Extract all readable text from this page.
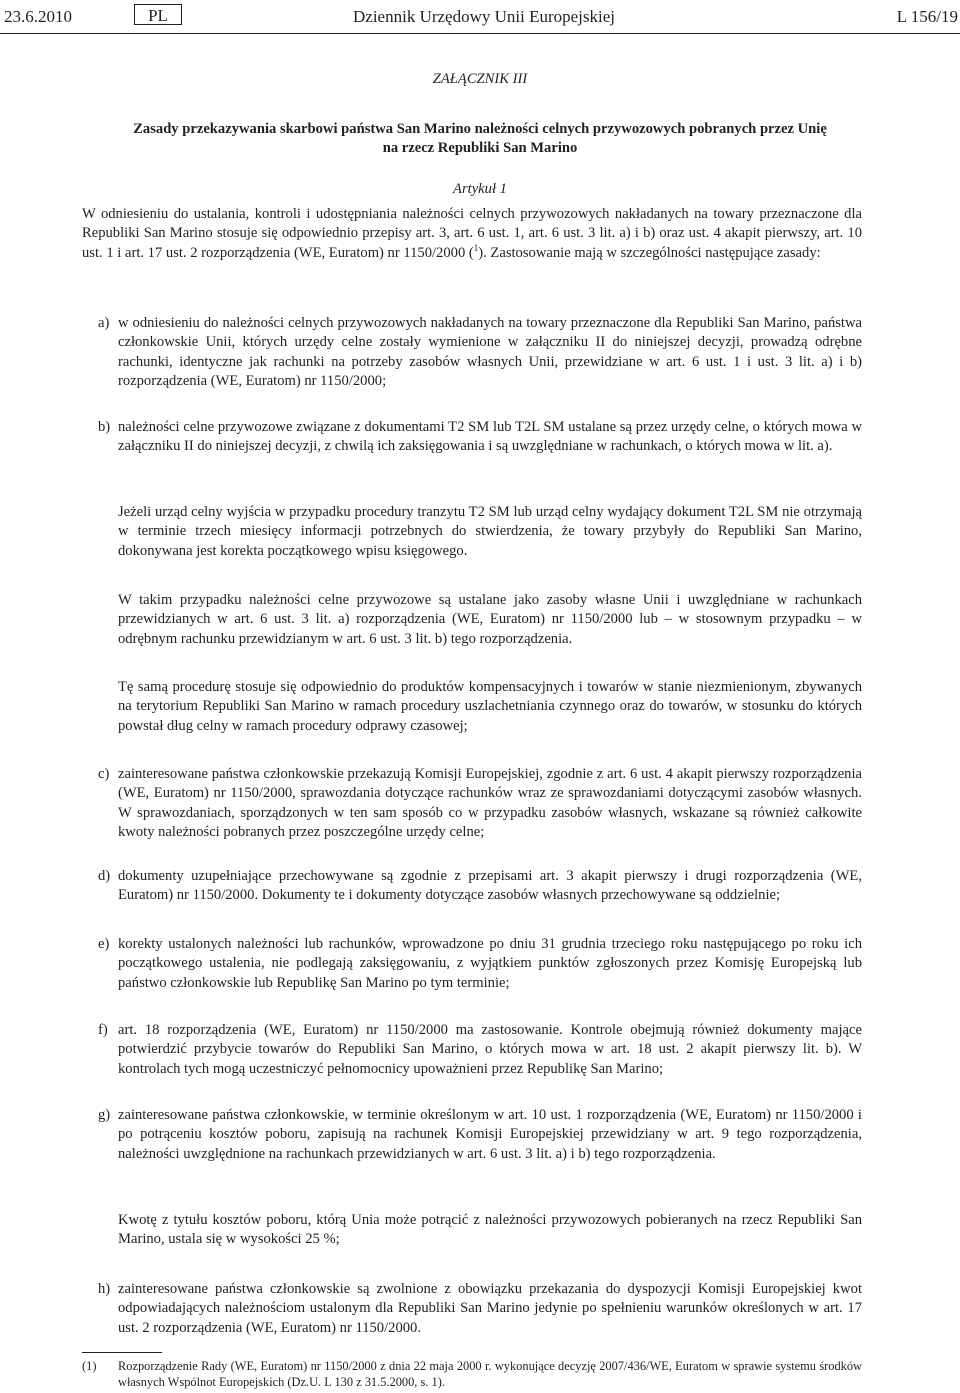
23.6.2010	PL	Dziennik Urzędowy Unii Europejskiej	L 156/19
ZAŁĄCZNIK III
Zasady przekazywania skarbowi państwa San Marino należności celnych przywozowych pobranych przez Unię
na rzecz Republiki San Marino
Artykuł 1

W odniesieniu do ustalania, kontroli i udostępniania należności celnych przywozowych nakładanych na towary przeznaczone dla Republiki San Marino stosuje się odpowiednio przepisy art. 3, art. 6 ust. 1, art. 6 ust. 3 lit. a) i b) oraz ust. 4 akapit pierwszy, art. 10 ust. 1 i art. 17 ust. 2 rozporządzenia (WE, Euratom) nr 1150/2000 ($^1$). Zastosowanie mają w szczególności następujące zasady:

a) w odniesieniu do należności celnych przywozowych nakładanych na towary przeznaczone dla Republiki San Marino, państwa członkowskie Unii, których urzędy celne zostały wymienione w załączniku II do niniejszej decyzji, prowadzą odrębne rachunki, identyczne jak rachunki na potrzeby zasobów własnych Unii, przewidziane w art. 6 ust. 1 i ust. 3 lit. a) i b) rozporządzenia (WE, Euratom) nr 1150/2000;
b) należności celne przywozowe związane z dokumentami T2 SM lub T2L SM ustalane są przez urzędy celne, o których mowa w załączniku II do niniejszej decyzji, z chwilą ich zaksięgowania i są uwzględniane w rachunkach, o których mowa w lit. a).

Jeżeli urząd celny wyjścia w przypadku procedury tranzytu T2 SM lub urząd celny wydający dokument T2L SM nie otrzymają w terminie trzech miesięcy informacji potrzebnych do stwierdzenia, że towary przybyły do Republiki San Marino, dokonywana jest korekta początkowego wpisu księgowego.

W takim przypadku należności celne przywozowe są ustalane jako zasoby własne Unii i uwzględniane w rachunkach przewidzianych w art. 6 ust. 3 lit. a) rozporządzenia (WE, Euratom) nr 1150/2000 lub – w stosownym przypadku – w odrębnym rachunku przewidzianym w art. 6 ust. 3 lit. b) tego rozporządzenia.

Tę samą procedurę stosuje się odpowiednio do produktów kompensacyjnych i towarów w stanie niezmienionym, zbywanych na terytorium Republiki San Marino w ramach procedury uszlachetniania czynnego oraz do towarów, w stosunku do których powstał dług celny w ramach procedury odprawy czasowej;

c) zainteresowane państwa członkowskie przekazują Komisji Europejskiej, zgodnie z art. 6 ust. 4 akapit pierwszy rozporządzenia (WE, Euratom) nr 1150/2000, sprawozdania dotyczące rachunków wraz ze sprawozdaniami dotyczącymi zasobów własnych. W sprawozdaniach, sporządzonych w ten sam sposób co w przypadku zasobów własnych, wskazane są również całkowite kwoty należności pobranych przez poszczególne urzędy celne;
d) dokumenty uzupełniające przechowywane są zgodnie z przepisami art. 3 akapit pierwszy i drugi rozporządzenia (WE, Euratom) nr 1150/2000. Dokumenty te i dokumenty dotyczące zasobów własnych przechowywane są oddzielnie;
e) korekty ustalonych należności lub rachunków, wprowadzone po dniu 31 grudnia trzeciego roku następującego po roku ich początkowego ustalenia, nie podlegają zaksięgowaniu, z wyjątkiem punktów zgłoszonych przez Komisję Europejską lub państwo członkowskie lub Republikę San Marino po tym terminie;
f) art. 18 rozporządzenia (WE, Euratom) nr 1150/2000 ma zastosowanie. Kontrole obejmują również dokumenty mające potwierdzić przybycie towarów do Republiki San Marino, o których mowa w art. 18 ust. 2 akapit pierwszy lit. b). W kontrolach tych mogą uczestniczyć pełnomocnicy upoważnieni przez Republikę San Marino;
g) zainteresowane państwa członkowskie, w terminie określonym w art. 10 ust. 1 rozporządzenia (WE, Euratom) nr 1150/2000 i po potrąceniu kosztów poboru, zapisują na rachunek Komisji Europejskiej przewidziany w art. 9 tego rozporządzenia, należności uwzględnione na rachunkach przewidzianych w art. 6 ust. 3 lit. a) i b) tego rozporządzenia.

Kwotę z tytułu kosztów poboru, którą Unia może potrącić z należności przywozowych pobieranych na rzecz Republiki San Marino, ustala się w wysokości 25 %;

h) zainteresowane państwa członkowskie są zwolnione z obowiązku przekazania do dyspozycji Komisji Europejskiej kwot odpowiadających należnościom ustalonym dla Republiki San Marino jedynie po spełnieniu warunków określonych w art. 17 ust. 2 rozporządzenia (WE, Euratom) nr 1150/2000.
(1) Rozporządzenie Rady (WE, Euratom) nr 1150/2000 z dnia 22 maja 2000 r. wykonujące decyzję 2007/436/WE, Euratom w sprawie systemu środków własnych Wspólnot Europejskich (Dz.U. L 130 z 31.5.2000, s. 1).
